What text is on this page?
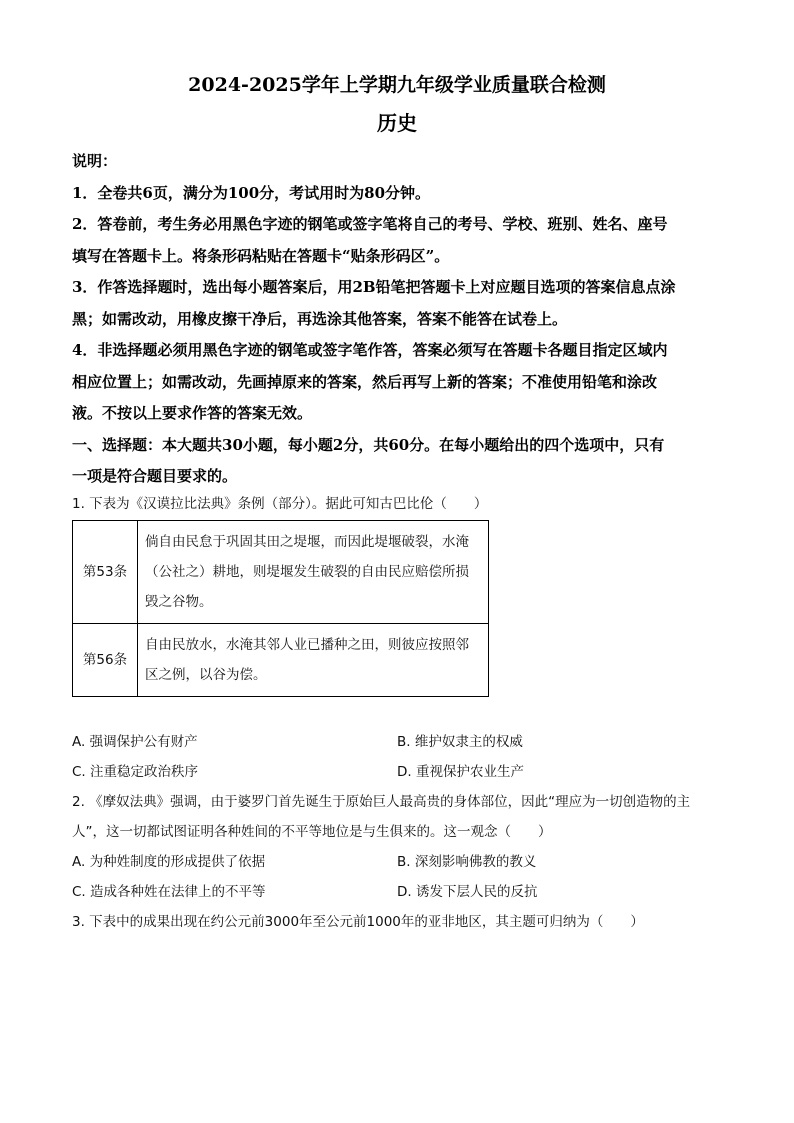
2024-2025学年上学期九年级学业质量联合检测
历史

说明：

1．全卷共6页，满分为100分，考试用时为80分钟。

2．答卷前，考生务必用黑色字迹的钢笔或签字笔将自己的考号、学校、班别、姓名、座号

填写在答题卡上。将条形码粘贴在答题卡“贴条形码区”。

3．作答选择题时，选出每小题答案后，用2B铅笔把答题卡上对应题目选项的答案信息点涂

黑；如需改动，用橡皮擦干净后，再选涂其他答案，答案不能答在试卷上。

4．非选择题必须用黑色字迹的钢笔或签字笔作答，答案必须写在答题卡各题目指定区域内

相应位置上；如需改动，先画掉原来的答案，然后再写上新的答案；不准使用铅笔和涂改

液。不按以上要求作答的答案无效。

一、选择题：本大题共30小题，每小题2分，共60分。在每小题给出的四个选项中，只有

一项是符合题目要求的。

1. 下表为《汉谟拉比法典》条例（部分）。据此可知古巴比伦（　　）

第53条	倘自由民怠于巩固其田之堤堰，而因此堤堰破裂，水淹（公社之）耕地，则堤堰发生破裂的自由民应赔偿所损毁之谷物。
第56条	自由民放水，水淹其邻人业已播种之田，则彼应按照邻区之例，以谷为偿。
A. 强调保护公有财产	B. 维护奴隶主的权威
C. 注重稳定政治秩序	D. 重视保护农业生产

2. 《摩奴法典》强调，由于婆罗门首先诞生于原始巨人最高贵的身体部位，因此“理应为一切创造物的主

人”，这一切都试图证明各种姓间的不平等地位是与生俱来的。这一观念（　　）

A. 为种姓制度的形成提供了依据	B. 深刻影响佛教的教义
C. 造成各种姓在法律上的不平等	D. 诱发下层人民的反抗

3. 下表中的成果出现在约公元前3000年至公元前1000年的亚非地区，其主题可归纳为（　　）
